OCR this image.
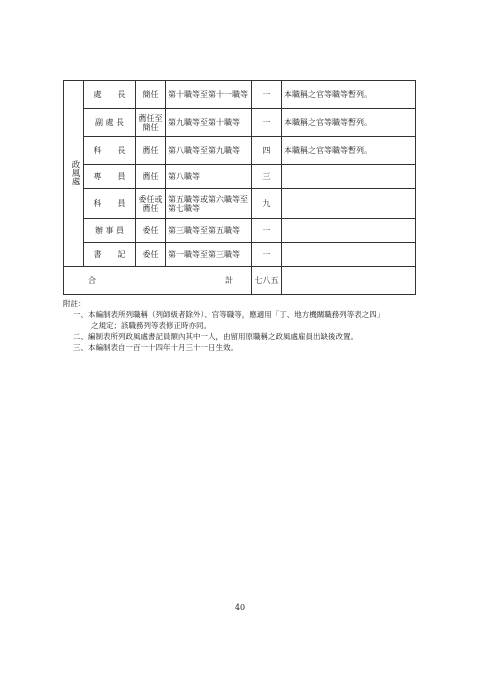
政風處	處　　長	簡任	第十職等至第十一職等	一	本職稱之官等職等暫列。
	副 處 長	薦任至簡任	第九職等至第十職等	一	本職稱之官等職等暫列。
	科　　長	薦任	第八職等至第九職等	四	本職稱之官等職等暫列。
	專　　員	薦任	第八職等	三	
	科　　員	委任或薦任	第五職等或第六職等至第七職等	九	
	辦 事 員	委任	第三職等至第五職等	一	
	書　　記	委任	第一職等至第三職等	一	

合 計				七八五	
附註：
一、本編制表所列職稱（列師級者除外）、官等職等，應適用「丁、地方機關職務列等表之四」
之規定；該職務列等表修正時亦同。
二、編制表所列政風處書記員額內其中一人，由留用原職稱之政風處雇員出缺後改置。
三、本編制表自一百一十四年十月三十一日生效。
40
